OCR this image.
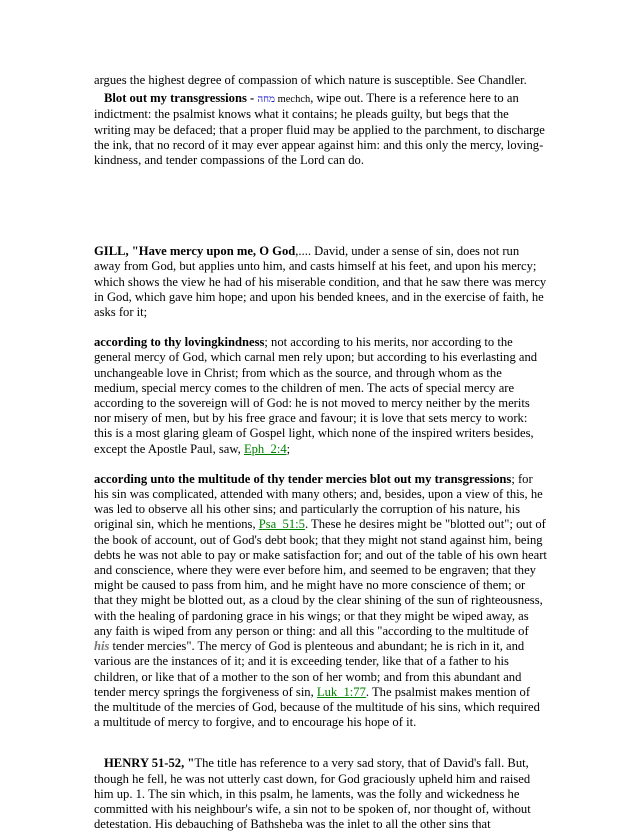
argues the highest degree of compassion of which nature is susceptible. See Chandler.

Blot out my transgressions - מחה mechch, wipe out. There is a reference here to an indictment: the psalmist knows what it contains; he pleads guilty, but begs that the writing may be defaced; that a proper fluid may be applied to the parchment, to discharge the ink, that no record of it may ever appear against him: and this only the mercy, loving-kindness, and tender compassions of the Lord can do.

GILL, "Have mercy upon me, O God,.... David, under a sense of sin, does not run away from God, but applies unto him, and casts himself at his feet, and upon his mercy; which shows the view he had of his miserable condition, and that he saw there was mercy in God, which gave him hope; and upon his bended knees, and in the exercise of faith, he asks for it;

according to thy lovingkindness; not according to his merits, nor according to the general mercy of God, which carnal men rely upon; but according to his everlasting and unchangeable love in Christ; from which as the source, and through whom as the medium, special mercy comes to the children of men. The acts of special mercy are according to the sovereign will of God: he is not moved to mercy neither by the merits nor misery of men, but by his free grace and favour; it is love that sets mercy to work: this is a most glaring gleam of Gospel light, which none of the inspired writers besides, except the Apostle Paul, saw, Eph_2:4;

according unto the multitude of thy tender mercies blot out my transgressions; for his sin was complicated, attended with many others; and, besides, upon a view of this, he was led to observe all his other sins; and particularly the corruption of his nature, his original sin, which he mentions, Psa_51:5. These he desires might be "blotted out"; out of the book of account, out of God's debt book; that they might not stand against him, being debts he was not able to pay or make satisfaction for; and out of the table of his own heart and conscience, where they were ever before him, and seemed to be engraven; that they might be caused to pass from him, and he might have no more conscience of them; or that they might be blotted out, as a cloud by the clear shining of the sun of righteousness, with the healing of pardoning grace in his wings; or that they might be wiped away, as any faith is wiped from any person or thing: and all this "according to the multitude of his tender mercies". The mercy of God is plenteous and abundant; he is rich in it, and various are the instances of it; and it is exceeding tender, like that of a father to his children, or like that of a mother to the son of her womb; and from this abundant and tender mercy springs the forgiveness of sin, Luk_1:77. The psalmist makes mention of the multitude of the mercies of God, because of the multitude of his sins, which required a multitude of mercy to forgive, and to encourage his hope of it.

HENRY 51-52, "The title has reference to a very sad story, that of David's fall. But, though he fell, he was not utterly cast down, for God graciously upheld him and raised him up. 1. The sin which, in this psalm, he laments, was the folly and wickedness he committed with his neighbour's wife, a sin not to be spoken of, nor thought of, without detestation. His debauching of Bathsheba was the inlet to all the other sins that
